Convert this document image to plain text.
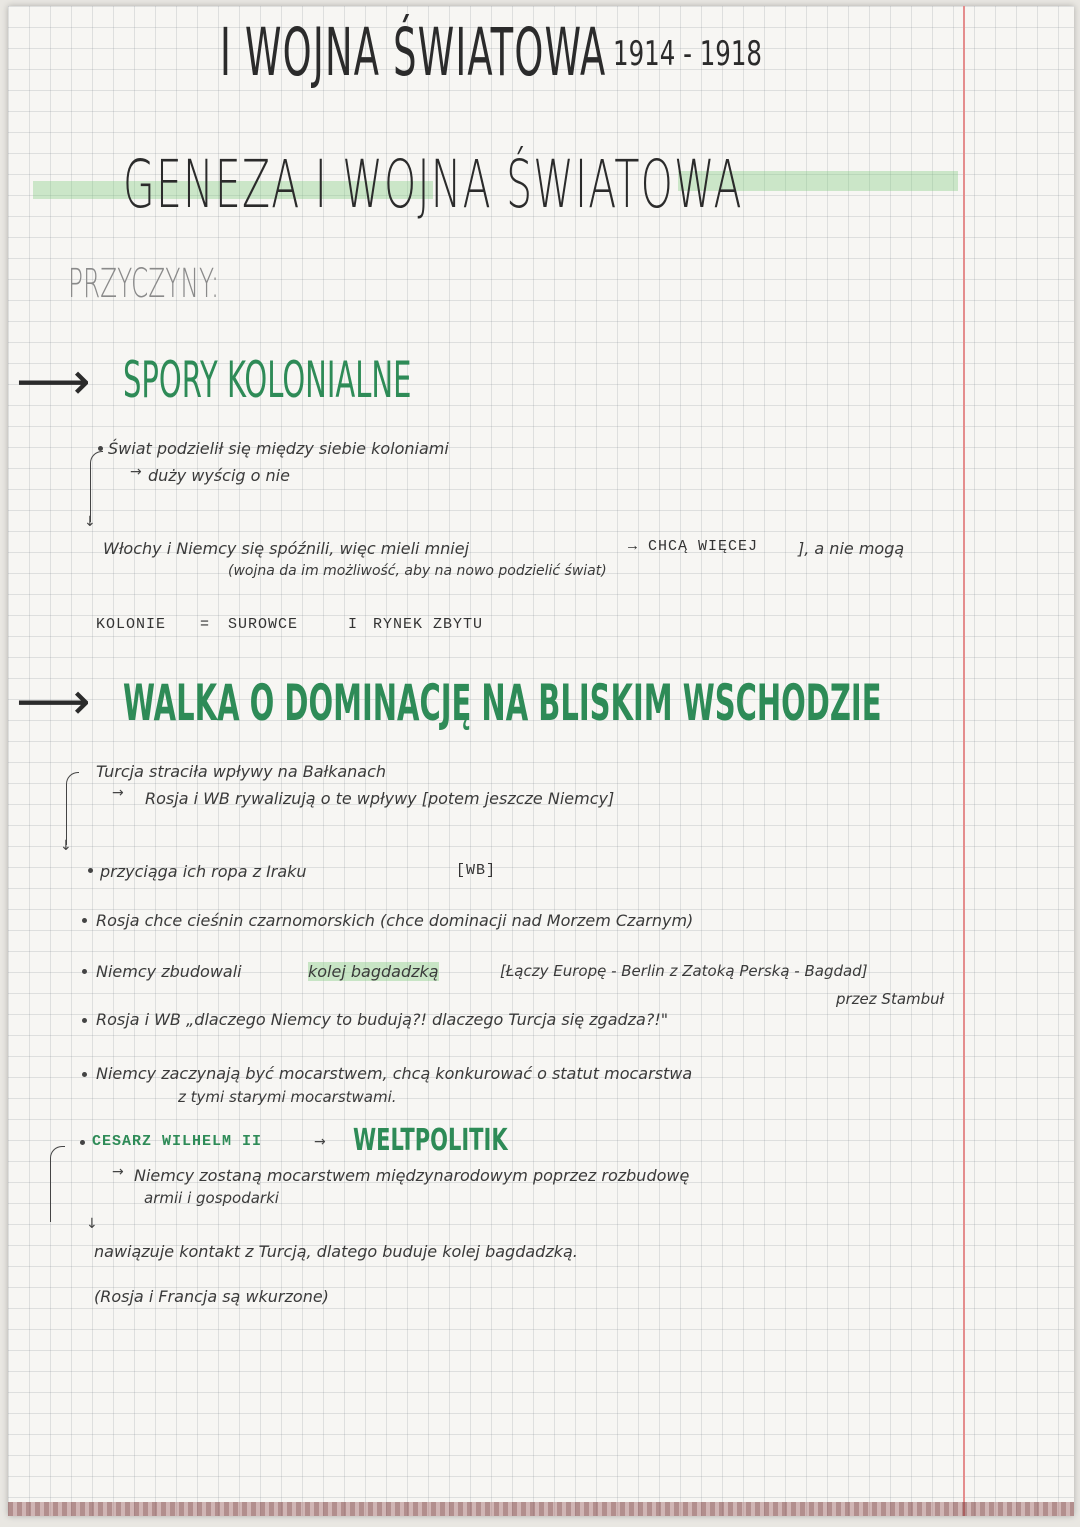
I WOJNA ŚWIATOWA 1914 - 1918
GENEZA I WOJNA ŚWIATOWA
PRZYCZYNY:
⟶ SPORY KOLONIALNE
↓
Świat podzielił się między siebie koloniami
→ duży wyścig o nie
Włochy i Niemcy się spóźnili, więc mieli mniej	→ CHCĄ WIĘCEJ ], a nie mogą
(wojna da im możliwość, aby na nowo podzielić świat)
KOLONIE = SUROWCE	I RYNEK ZBYTU
⟶ WALKA O DOMINACJĘ NA BLISKIM WSCHODZIE
↓
Turcja straciła wpływy na Bałkanach
→ Rosja i WB rywalizują o te wpływy [potem jeszcze Niemcy]
przyciąga ich ropa z Iraku	[WB]
Rosja chce cieśnin czarnomorskich (chce dominacji nad Morzem Czarnym)
Niemcy zbudowali	kolej bagdadzką	[Łączy Europę - Berlin z Zatoką Perską - Bagdad]
przez Stambuł
Rosja i WB „dlaczego Niemcy to budują?! dlaczego Turcja się zgadza?!"
Niemcy zaczynają być mocarstwem, chcą konkurować o statut mocarstwa
z tymi starymi mocarstwami.
↓
CESARZ WILHELM II	→ WELTPOLITIK
→ Niemcy zostaną mocarstwem międzynarodowym poprzez rozbudowę
armii i gospodarki
nawiązuje kontakt z Turcją, dlatego buduje kolej bagdadzką.
(Rosja i Francja są wkurzone)
